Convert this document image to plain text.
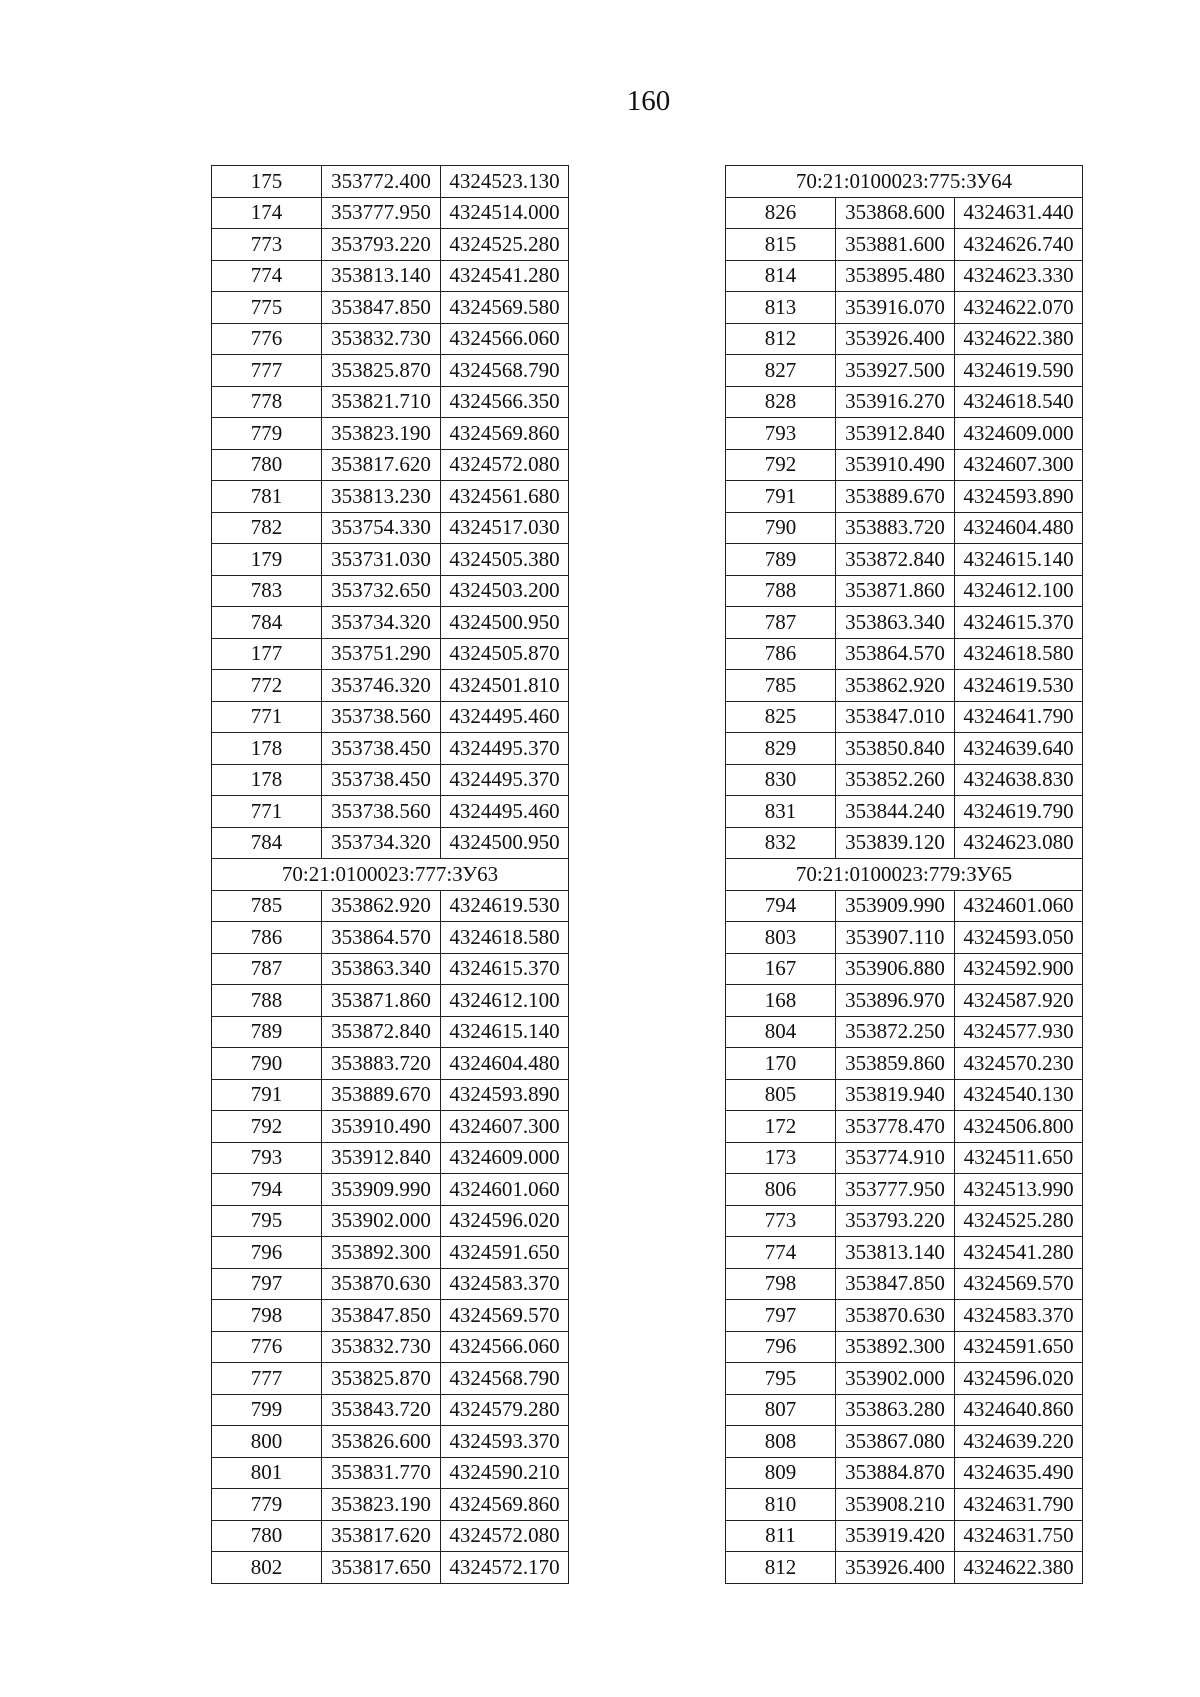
160
175	353772.400	4324523.130
174	353777.950	4324514.000
773	353793.220	4324525.280
774	353813.140	4324541.280
775	353847.850	4324569.580
776	353832.730	4324566.060
777	353825.870	4324568.790
778	353821.710	4324566.350
779	353823.190	4324569.860
780	353817.620	4324572.080
781	353813.230	4324561.680
782	353754.330	4324517.030
179	353731.030	4324505.380
783	353732.650	4324503.200
784	353734.320	4324500.950
177	353751.290	4324505.870
772	353746.320	4324501.810
771	353738.560	4324495.460
178	353738.450	4324495.370
178	353738.450	4324495.370
771	353738.560	4324495.460
784	353734.320	4324500.950
70:21:0100023:777:ЗУ63		
785	353862.920	4324619.530
786	353864.570	4324618.580
787	353863.340	4324615.370
788	353871.860	4324612.100
789	353872.840	4324615.140
790	353883.720	4324604.480
791	353889.670	4324593.890
792	353910.490	4324607.300
793	353912.840	4324609.000
794	353909.990	4324601.060
795	353902.000	4324596.020
796	353892.300	4324591.650
797	353870.630	4324583.370
798	353847.850	4324569.570
776	353832.730	4324566.060
777	353825.870	4324568.790
799	353843.720	4324579.280
800	353826.600	4324593.370
801	353831.770	4324590.210
779	353823.190	4324569.860
780	353817.620	4324572.080
802	353817.650	4324572.170
70:21:0100023:775:ЗУ64		
826	353868.600	4324631.440
815	353881.600	4324626.740
814	353895.480	4324623.330
813	353916.070	4324622.070
812	353926.400	4324622.380
827	353927.500	4324619.590
828	353916.270	4324618.540
793	353912.840	4324609.000
792	353910.490	4324607.300
791	353889.670	4324593.890
790	353883.720	4324604.480
789	353872.840	4324615.140
788	353871.860	4324612.100
787	353863.340	4324615.370
786	353864.570	4324618.580
785	353862.920	4324619.530
825	353847.010	4324641.790
829	353850.840	4324639.640
830	353852.260	4324638.830
831	353844.240	4324619.790
832	353839.120	4324623.080
70:21:0100023:779:ЗУ65		
794	353909.990	4324601.060
803	353907.110	4324593.050
167	353906.880	4324592.900
168	353896.970	4324587.920
804	353872.250	4324577.930
170	353859.860	4324570.230
805	353819.940	4324540.130
172	353778.470	4324506.800
173	353774.910	4324511.650
806	353777.950	4324513.990
773	353793.220	4324525.280
774	353813.140	4324541.280
798	353847.850	4324569.570
797	353870.630	4324583.370
796	353892.300	4324591.650
795	353902.000	4324596.020
807	353863.280	4324640.860
808	353867.080	4324639.220
809	353884.870	4324635.490
810	353908.210	4324631.790
811	353919.420	4324631.750
812	353926.400	4324622.380
